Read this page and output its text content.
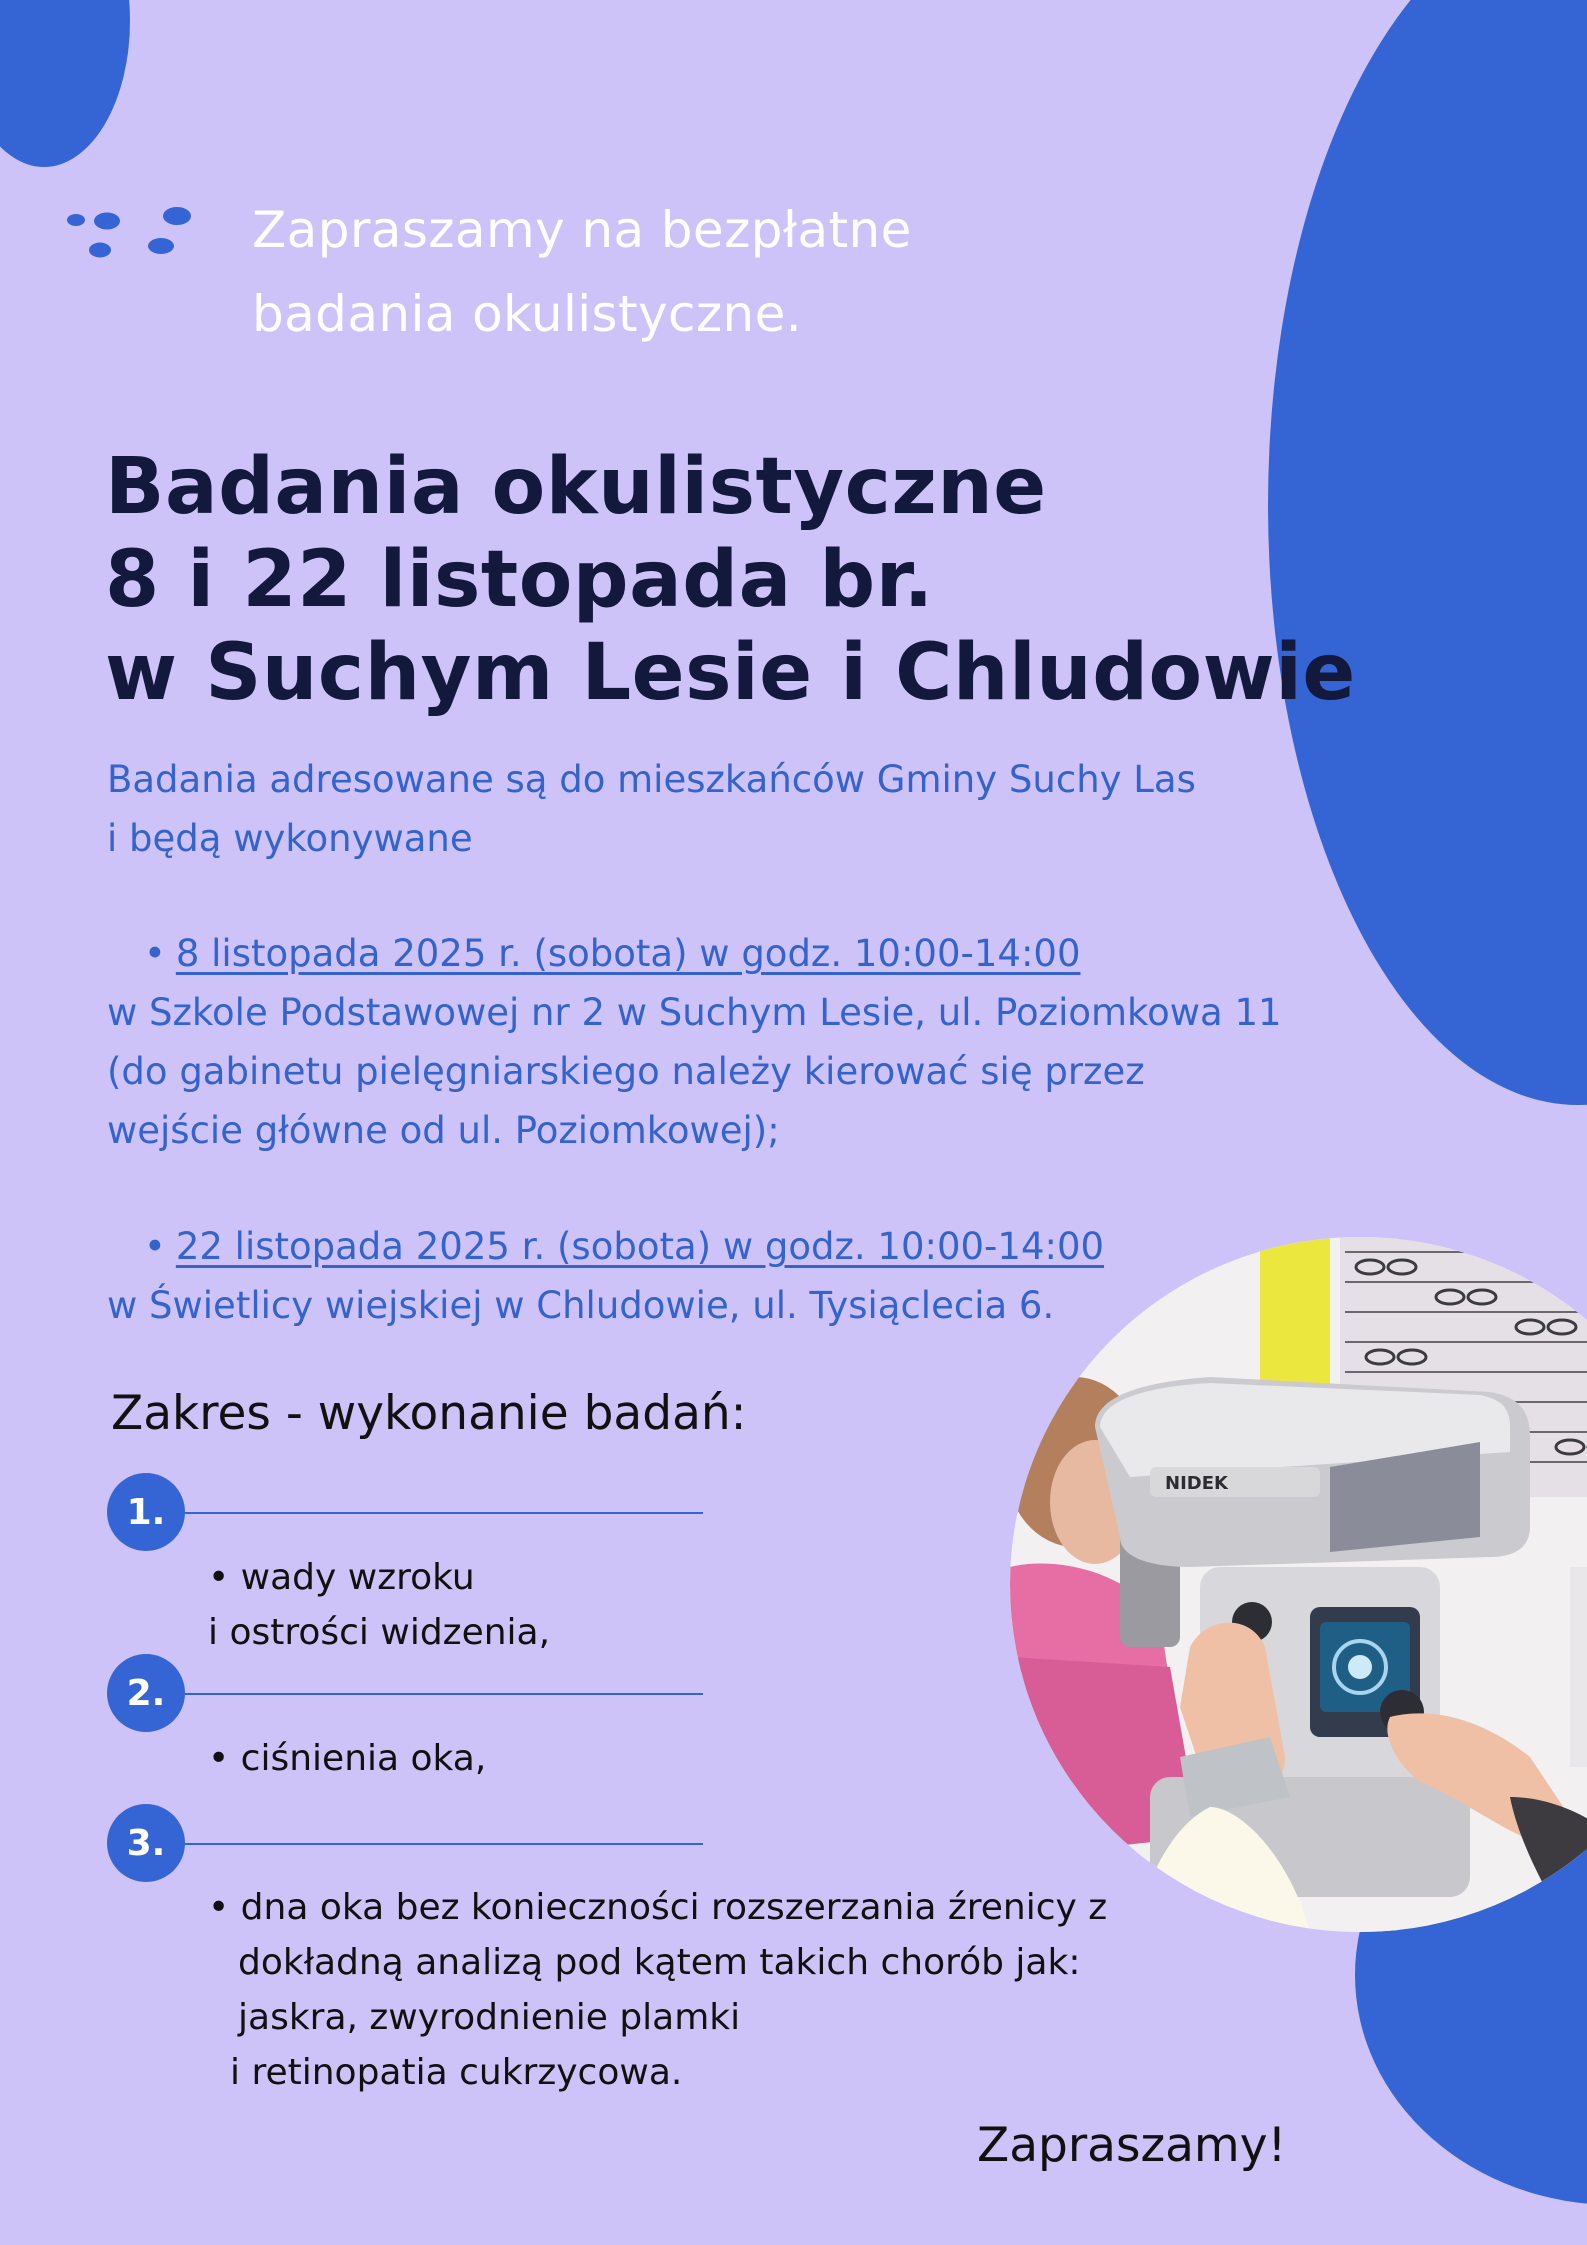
Zapraszamy na bezpłatne
badania okulistyczne.
Badania okulistyczne
8 i 22 listopada br.
w Suchym Lesie i Chludowie
Badania adresowane są do mieszkańców Gminy Suchy Las
i będą wykonywane
• 8 listopada 2025 r. (sobota) w godz. 10:00-14:00
w Szkole Podstawowej nr 2 w Suchym Lesie, ul. Poziomkowa 11
(do gabinetu pielęgniarskiego należy kierować się przez
wejście główne od ul. Poziomkowej);
• 22 listopada 2025 r. (sobota) w godz. 10:00-14:00
w Świetlicy wiejskiej w Chludowie, ul. Tysiąclecia 6.
NIDEK
Zakres - wykonanie badań:
1.
• wady wzroku
i ostrości widzenia,
2.
• ciśnienia oka,
3.
• dna oka bez konieczności rozszerzania źrenicy z
dokładną analizą pod kątem takich chorób jak:
jaskra, zwyrodnienie plamki
i retinopatia cukrzycowa.
Zapraszamy!
